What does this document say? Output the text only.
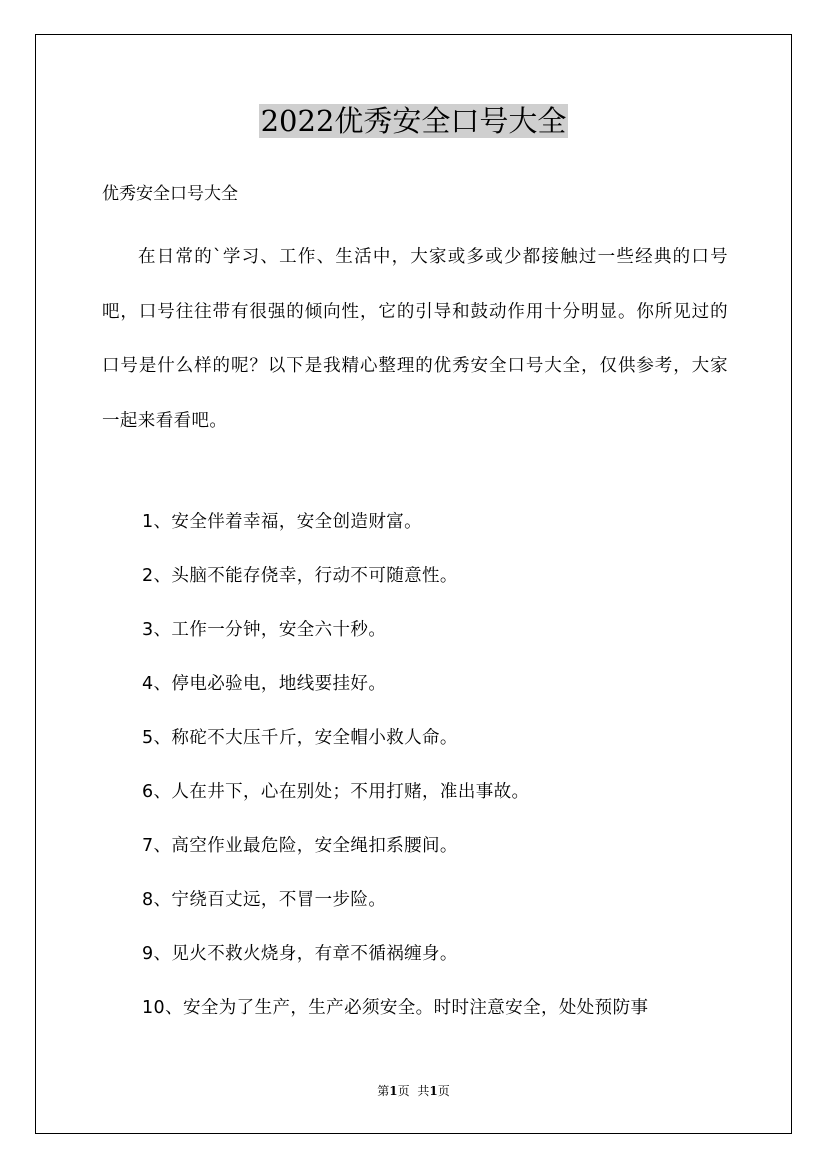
2022优秀安全口号大全
优秀安全口号大全
在日常的`学习、工作、生活中，大家或多或少都接触过一些经典的口号吧，口号往往带有很强的倾向性，它的引导和鼓动作用十分明显。你所见过的口号是什么样的呢？以下是我精心整理的优秀安全口号大全，仅供参考，大家一起来看看吧。
1、安全伴着幸福，安全创造财富。
2、头脑不能存侥幸，行动不可随意性。
3、工作一分钟，安全六十秒。
4、停电必验电，地线要挂好。
5、称砣不大压千斤，安全帽小救人命。
6、人在井下，心在别处；不用打赌，准出事故。
7、高空作业最危险，安全绳扣系腰间。
8、宁绕百丈远，不冒一步险。
9、见火不救火烧身，有章不循祸缠身。
10、安全为了生产，生产必须安全。时时注意安全，处处预防事
第1页 共1页
